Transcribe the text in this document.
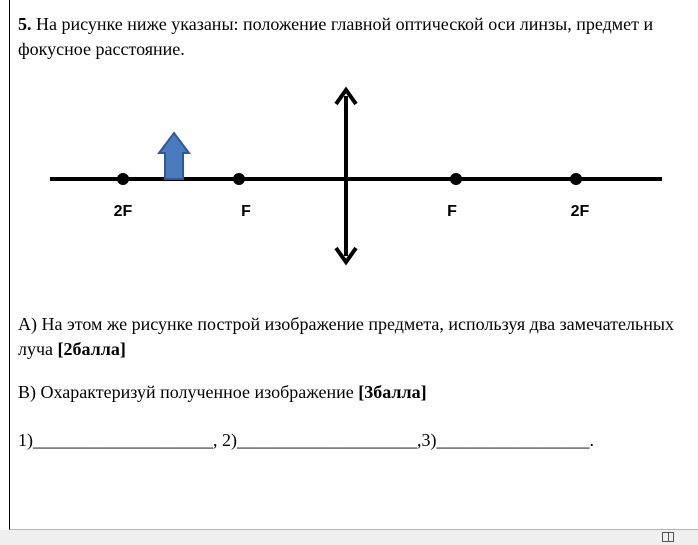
5. На рисунке ниже указаны: положение главной оптической оси линзы, предмет и фокусное расстояние.
2F	F	F	2F
А) На этом же рисунке построй изображение предмета, используя два замечательных луча [2балла]
В) Охарактеризуй полученное изображение [3балла]
1)____________________, 2)____________________,3)_________________.
